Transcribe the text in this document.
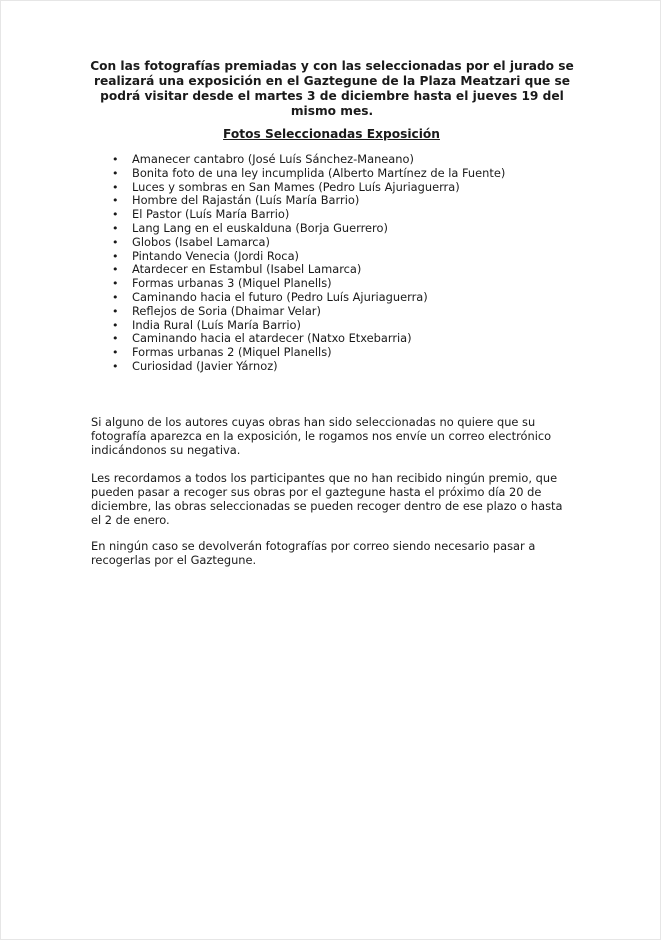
Con las fotografías premiadas y con las seleccionadas por el jurado se realizará una exposición en el Gaztegune de la Plaza Meatzari que se podrá visitar desde el martes 3 de diciembre hasta el jueves 19 del mismo mes.

Fotos Seleccionadas Exposición

• Amanecer cantabro (José Luís Sánchez-Maneano)
• Bonita foto de una ley incumplida (Alberto Martínez de la Fuente)
• Luces y sombras en San Mames (Pedro Luís Ajuriaguerra)
• Hombre del Rajastán (Luís María Barrio)
• El Pastor (Luís María Barrio)
• Lang Lang en el euskalduna (Borja Guerrero)
• Globos (Isabel Lamarca)
• Pintando Venecia (Jordi Roca)
• Atardecer en Estambul (Isabel Lamarca)
• Formas urbanas 3 (Miquel Planells)
• Caminando hacia el futuro (Pedro Luís Ajuriaguerra)
• Reflejos de Soria (Dhaimar Velar)
• India Rural (Luís María Barrio)
• Caminando hacia el atardecer (Natxo Etxebarria)
• Formas urbanas 2 (Miquel Planells)
• Curiosidad (Javier Yárnoz)

Si alguno de los autores cuyas obras han sido seleccionadas no quiere que su fotografía aparezca en la exposición, le rogamos nos envíe un correo electrónico indicándonos su negativa.

Les recordamos a todos los participantes que no han recibido ningún premio, que pueden pasar a recoger sus obras por el gaztegune hasta el próximo día 20 de diciembre, las obras seleccionadas se pueden recoger dentro de ese plazo o hasta el 2 de enero.

En ningún caso se devolverán fotografías por correo siendo necesario pasar a recogerlas por el Gaztegune.
